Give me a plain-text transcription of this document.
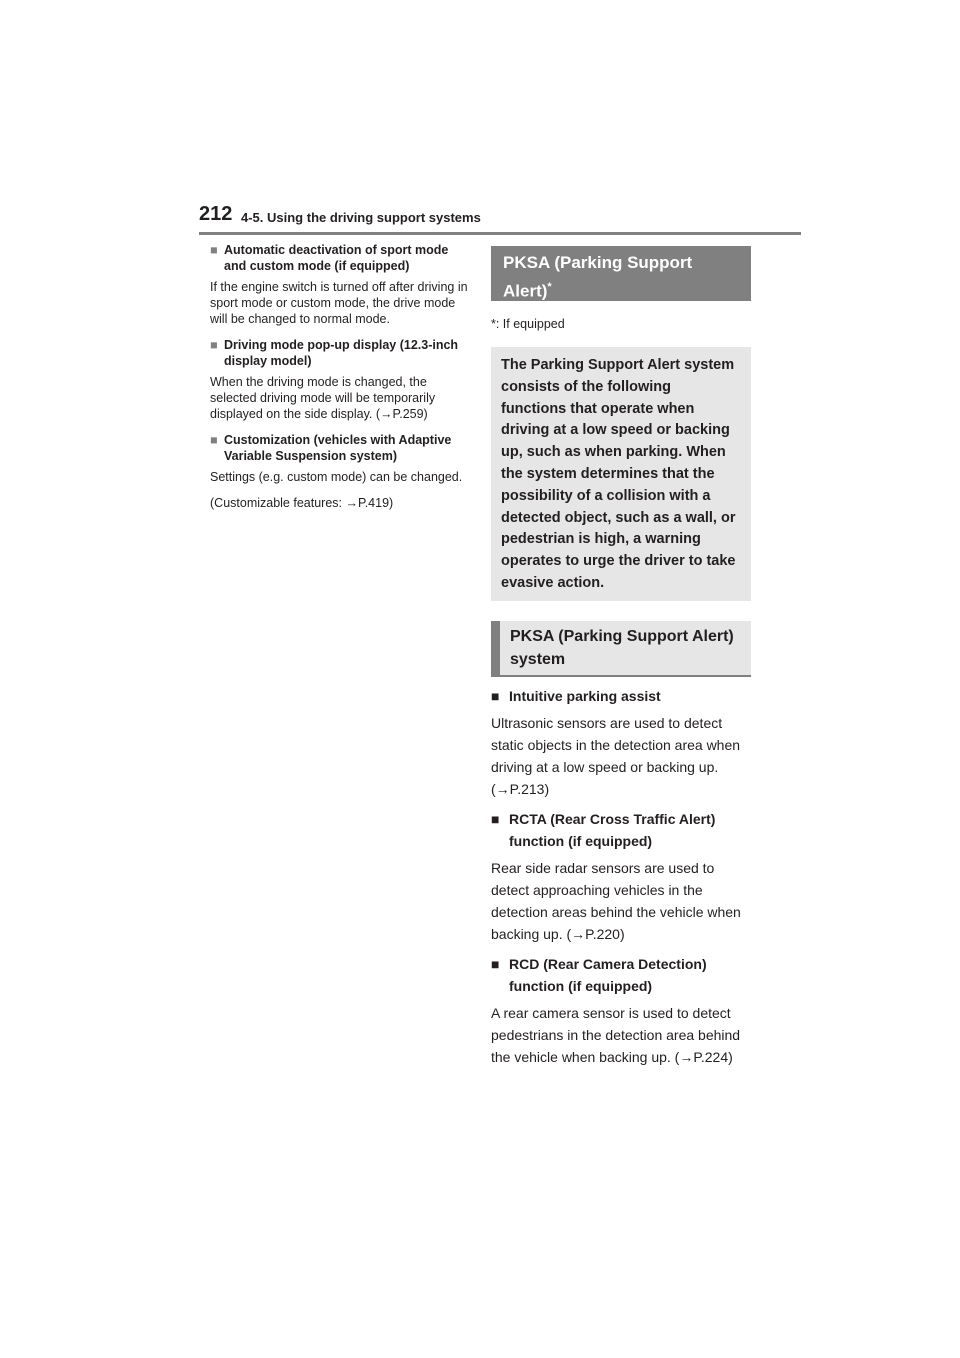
212 4-5. Using the driving support systems
■ Automatic deactivation of sport mode and custom mode (if equipped)

If the engine switch is turned off after driving in sport mode or custom mode, the drive mode will be changed to normal mode.

■ Driving mode pop-up display (12.3-inch display model)

When the driving mode is changed, the selected driving mode will be temporarily displayed on the side display. (→P.259)

■ Customization (vehicles with Adaptive Variable Suspension system)

Settings (e.g. custom mode) can be changed.

(Customizable features: →P.419)

PKSA (Parking Support Alert)*
*: If equipped
The Parking Support Alert system consists of the following functions that operate when driving at a low speed or backing up, such as when parking. When the system determines that the possibility of a collision with a detected object, such as a wall, or pedestrian is high, a warning operates to urge the driver to take evasive action.
PKSA (Parking Support Alert) system
■ Intuitive parking assist

Ultrasonic sensors are used to detect static objects in the detection area when driving at a low speed or backing up. (→P.213)

■ RCTA (Rear Cross Traffic Alert) function (if equipped)

Rear side radar sensors are used to detect approaching vehicles in the detection areas behind the vehicle when backing up. (→P.220)

■ RCD (Rear Camera Detection) function (if equipped)

A rear camera sensor is used to detect pedestrians in the detection area behind the vehicle when backing up. (→P.224)
